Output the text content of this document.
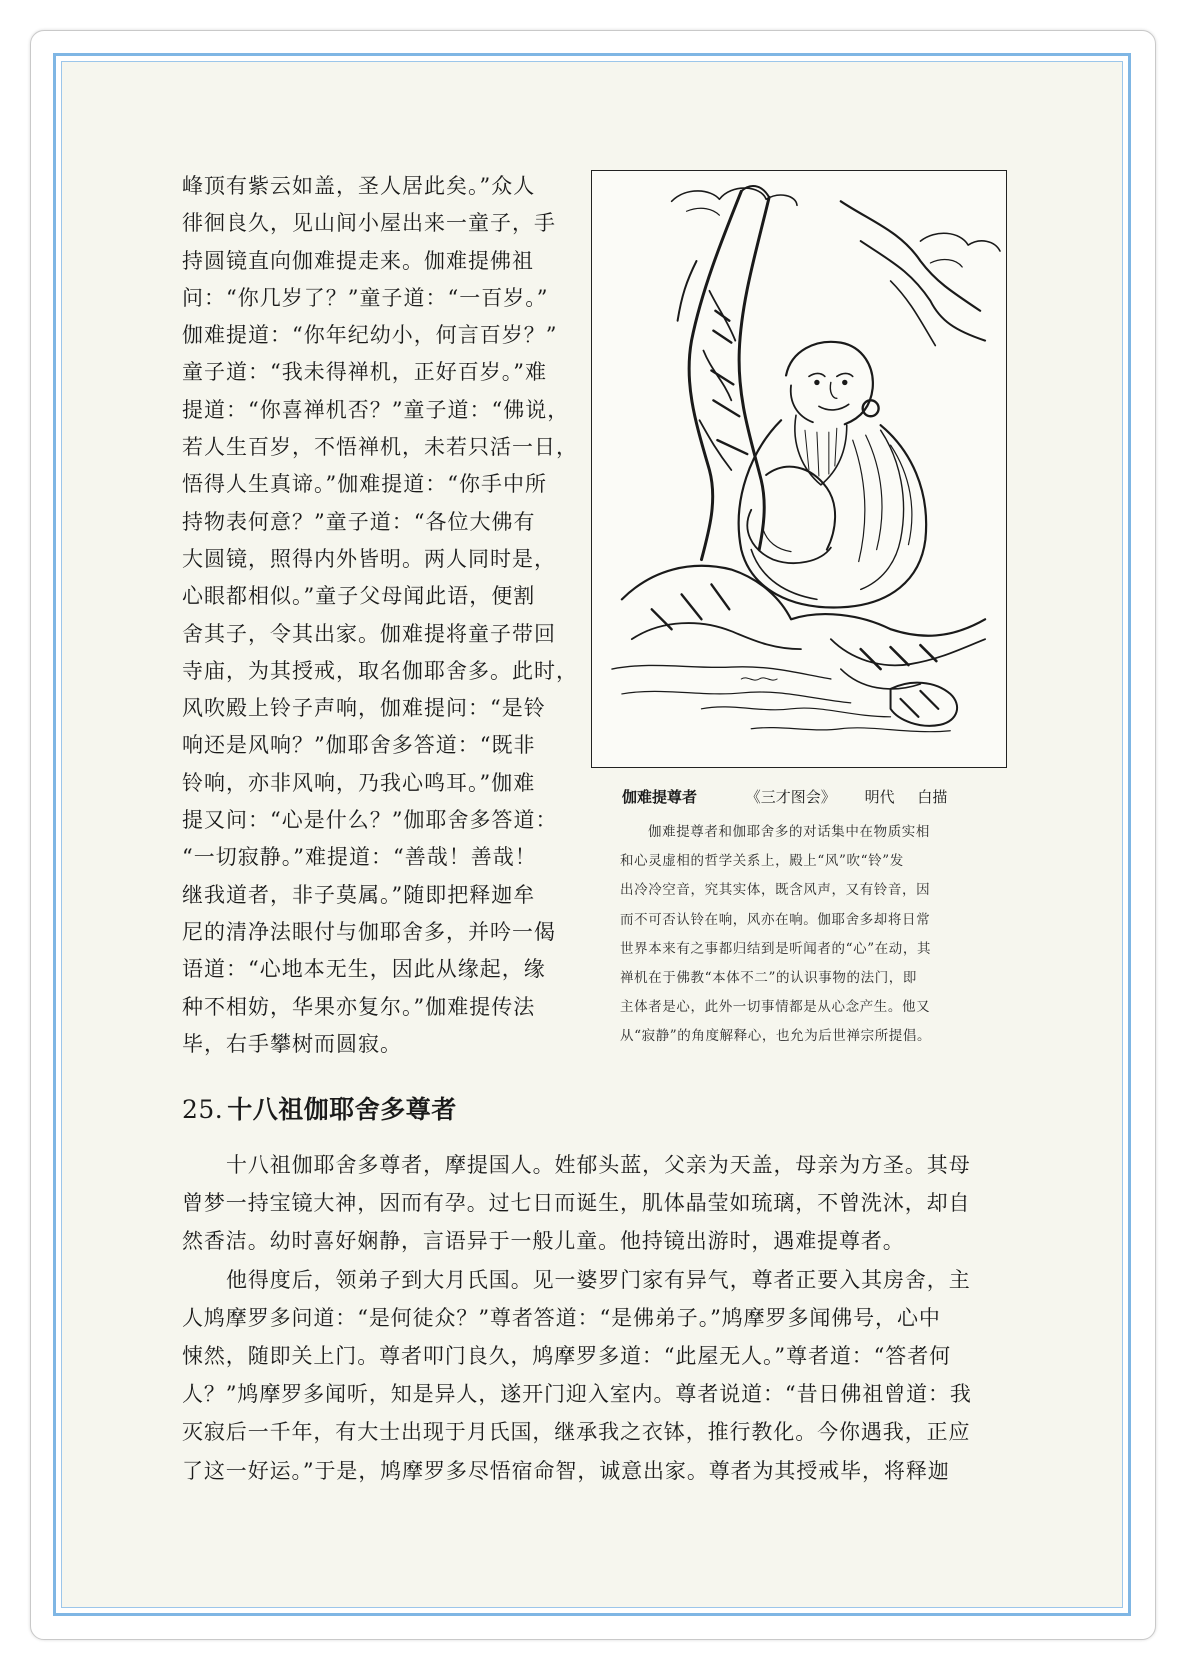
峰顶有紫云如盖，圣人居此矣。”众人
徘徊良久，见山间小屋出来一童子，手
持圆镜直向伽难提走来。伽难提佛祖
问：“你几岁了？”童子道：“一百岁。”
伽难提道：“你年纪幼小，何言百岁？”
童子道：“我未得禅机，正好百岁。”难
提道：“你喜禅机否？”童子道：“佛说，
若人生百岁，不悟禅机，未若只活一日，
悟得人生真谛。”伽难提道：“你手中所
持物表何意？”童子道：“各位大佛有
大圆镜，照得内外皆明。两人同时是，
心眼都相似。”童子父母闻此语，便割
舍其子，令其出家。伽难提将童子带回
寺庙，为其授戒，取名伽耶舍多。此时，
风吹殿上铃子声响，伽难提问：“是铃
响还是风响？”伽耶舍多答道：“既非
铃响，亦非风响，乃我心鸣耳。”伽难
提又问：“心是什么？”伽耶舍多答道：
“一切寂静。”难提道：“善哉！善哉！
继我道者，非子莫属。”随即把释迦牟
尼的清净法眼付与伽耶舍多，并吟一偈
语道：“心地本无生，因此从缘起，缘
种不相妨，华果亦复尔。”伽难提传法
毕，右手攀树而圆寂。
伽难提尊者	《三才图会》 明代 白描
伽难提尊者和伽耶舍多的对话集中在物质实相
和心灵虚相的哲学关系上，殿上“风”吹“铃”发
出冷冷空音，究其实体，既含风声，又有铃音，因
而不可否认铃在响，风亦在响。伽耶舍多却将日常
世界本来有之事都归结到是听闻者的“心”在动，其
禅机在于佛教“本体不二”的认识事物的法门，即
主体者是心，此外一切事情都是从心念产生。他又
从“寂静”的角度解释心，也允为后世禅宗所提倡。
25. 十八祖伽耶舍多尊者
十八祖伽耶舍多尊者，摩提国人。姓郁头蓝，父亲为天盖，母亲为方圣。其母
曾梦一持宝镜大神，因而有孕。过七日而诞生，肌体晶莹如琉璃，不曾洗沐，却自
然香洁。幼时喜好娴静，言语异于一般儿童。他持镜出游时，遇难提尊者。
他得度后，领弟子到大月氏国。见一婆罗门家有异气，尊者正要入其房舍，主
人鸠摩罗多问道：“是何徒众？”尊者答道：“是佛弟子。”鸠摩罗多闻佛号，心中
悚然，随即关上门。尊者叩门良久，鸠摩罗多道：“此屋无人。”尊者道：“答者何
人？”鸠摩罗多闻听，知是异人，遂开门迎入室内。尊者说道：“昔日佛祖曾道：我
灭寂后一千年，有大士出现于月氏国，继承我之衣钵，推行教化。今你遇我，正应
了这一好运。”于是，鸠摩罗多尽悟宿命智，诚意出家。尊者为其授戒毕，将释迦
